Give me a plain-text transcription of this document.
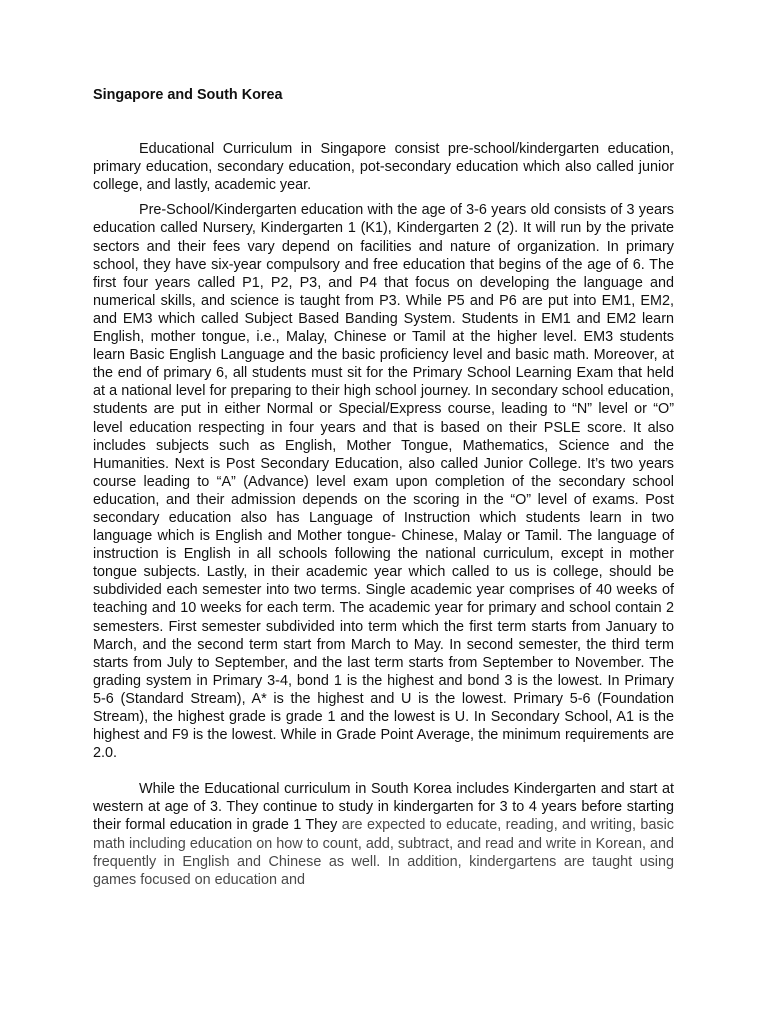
Singapore and South Korea

Educational Curriculum in Singapore consist pre-school/kindergarten education, primary education, secondary education, pot-secondary education which also called junior college, and lastly, academic year.

Pre-School/Kindergarten education with the age of 3-6 years old consists of 3 years education called Nursery, Kindergarten 1 (K1), Kindergarten 2 (2). It will run by the private sectors and their fees vary depend on facilities and nature of organization. In primary school, they have six-year compulsory and free education that begins of the age of 6. The first four years called P1, P2, P3, and P4 that focus on developing the language and numerical skills, and science is taught from P3. While P5 and P6 are put into EM1, EM2, and EM3 which called Subject Based Banding System. Students in EM1 and EM2 learn English, mother tongue, i.e., Malay, Chinese or Tamil at the higher level. EM3 students learn Basic English Language and the basic proficiency level and basic math. Moreover, at the end of primary 6, all students must sit for the Primary School Learning Exam that held at a national level for preparing to their high school journey. In secondary school education, students are put in either Normal or Special/Express course, leading to “N” level or “O” level education respecting in four years and that is based on their PSLE score. It also includes subjects such as English, Mother Tongue, Mathematics, Science and the Humanities. Next is Post Secondary Education, also called Junior College. It’s two years course leading to “A” (Advance) level exam upon completion of the secondary school education, and their admission depends on the scoring in the “O” level of exams. Post secondary education also has Language of Instruction which students learn in two language which is English and Mother tongue- Chinese, Malay or Tamil. The language of instruction is English in all schools following the national curriculum, except in mother tongue subjects. Lastly, in their academic year which called to us is college, should be subdivided each semester into two terms. Single academic year comprises of 40 weeks of teaching and 10 weeks for each term. The academic year for primary and school contain 2 semesters. First semester subdivided into term which the first term starts from January to March, and the second term start from March to May. In second semester, the third term starts from July to September, and the last term starts from September to November. The grading system in Primary 3-4, bond 1 is the highest and bond 3 is the lowest. In Primary 5-6 (Standard Stream), A* is the highest and U is the lowest. Primary 5-6 (Foundation Stream), the highest grade is grade 1 and the lowest is U. In Secondary School, A1 is the highest and F9 is the lowest. While in Grade Point Average, the minimum requirements are 2.0.

While the Educational curriculum in South Korea includes Kindergarten and start at western at age of 3. They continue to study in kindergarten for 3 to 4 years before starting their formal education in grade 1 They are expected to educate, reading, and writing, basic math including education on how to count, add, subtract, and read and write in Korean, and frequently in English and Chinese as well. In addition, kindergartens are taught using games focused on education and
